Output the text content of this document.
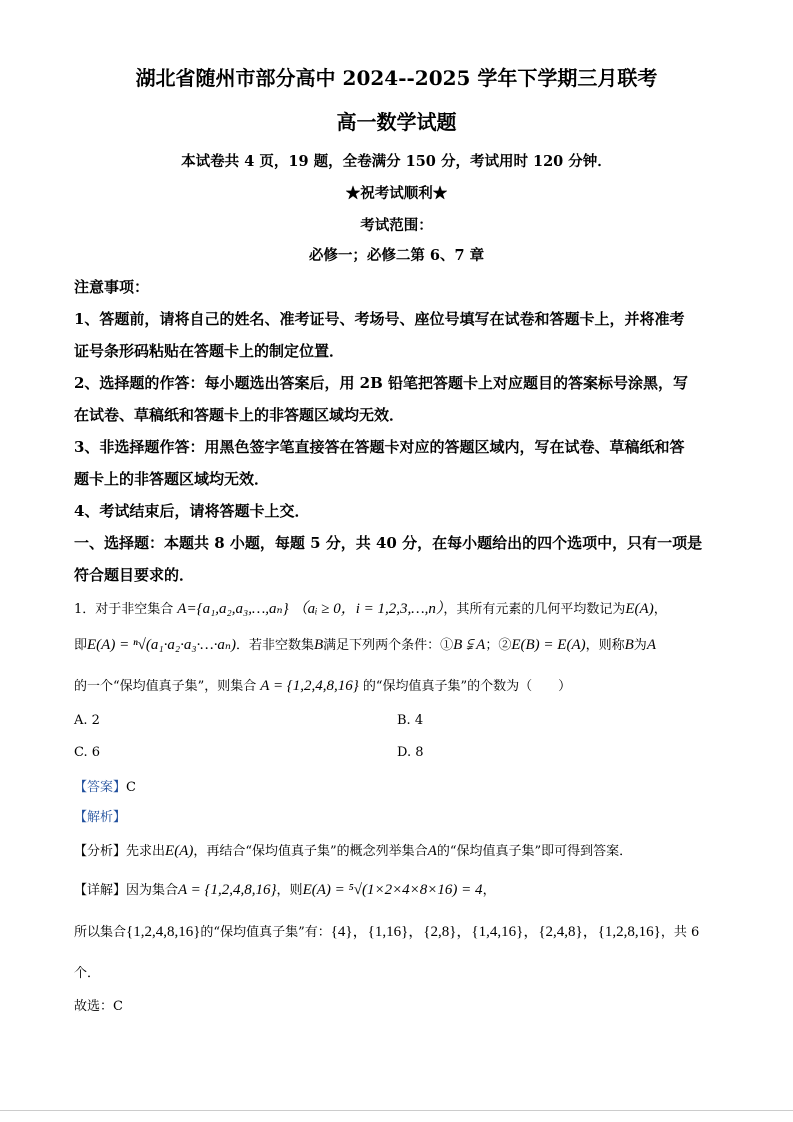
湖北省随州市部分高中 2024--2025 学年下学期三月联考
高一数学试题
本试卷共 4 页，19 题，全卷满分 150 分，考试用时 120 分钟．
★祝考试顺利★
考试范围：
必修一；必修二第 6、7 章
注意事项：
1、答题前，请将自己的姓名、准考证号、考场号、座位号填写在试卷和答题卡上，并将准考
证号条形码粘贴在答题卡上的制定位置．
2、选择题的作答：每小题选出答案后，用 2B 铅笔把答题卡上对应题目的答案标号涂黑，写
在试卷、草稿纸和答题卡上的非答题区域均无效．
3、非选择题作答：用黑色签字笔直接答在答题卡对应的答题区域内，写在试卷、草稿纸和答
题卡上的非答题区域均无效．
4、考试结束后，请将答题卡上交．
一、选择题：本题共 8 小题，每题 5 分，共 40 分，在每小题给出的四个选项中，只有一项是
符合题目要求的．
1．对于非空集合 A={a₁,a₂,a₃,…,aₙ} （aᵢ ≥ 0，i = 1,2,3,…,n），其所有元素的几何平均数记为E(A)，
即E(A) = ⁿ√(a₁·a₂·a₃·…·aₙ)．若非空数集B满足下列两个条件：①B ⫋ A；②E(B) = E(A)，则称B为A
的一个“保均值真子集”，则集合 A = {1,2,4,8,16} 的“保均值真子集”的个数为（　　）
A. 2	B. 4
C. 6	D. 8
【答案】C
【解析】
【分析】先求出E(A)，再结合“保均值真子集”的概念列举集合A的“保均值真子集”即可得到答案．
【详解】因为集合A = {1,2,4,8,16}，则E(A) = ⁵√(1×2×4×8×16) = 4，
所以集合{1,2,4,8,16}的“保均值真子集”有：{4}，{1,16}，{2,8}，{1,4,16}，{2,4,8}，{1,2,8,16}，共 6
个．
故选：C
